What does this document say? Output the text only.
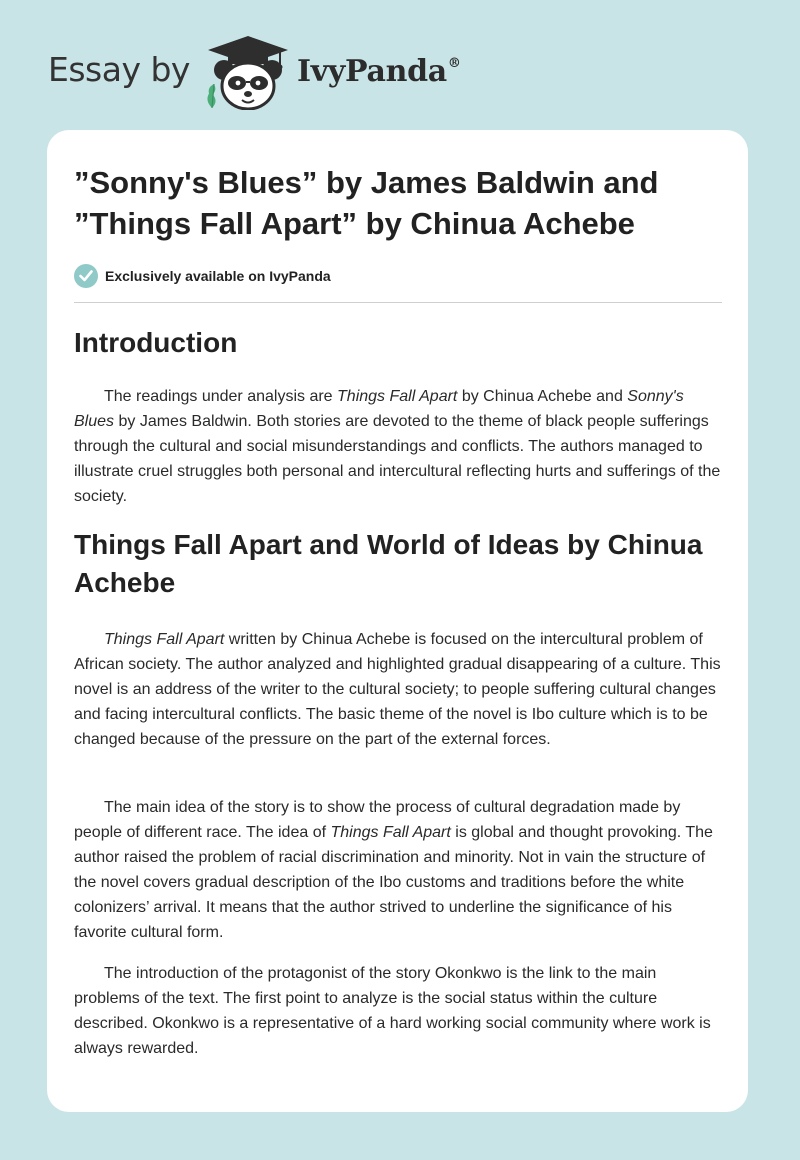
Essay by	IvyPanda®
”Sonny's Blues” by James Baldwin and ”Things Fall Apart” by Chinua Achebe
Exclusively available on IvyPanda
Introduction

The readings under analysis are Things Fall Apart by Chinua Achebe and Sonny's Blues by James Baldwin. Both stories are devoted to the theme of black people sufferings through the cultural and social misunderstandings and conflicts. The authors managed to illustrate cruel struggles both personal and intercultural reflecting hurts and sufferings of the society.

Things Fall Apart and World of Ideas by Chinua Achebe

Things Fall Apart written by Chinua Achebe is focused on the intercultural problem of African society. The author analyzed and highlighted gradual disappearing of a culture. This novel is an address of the writer to the cultural society; to people suffering cultural changes and facing intercultural conflicts. The basic theme of the novel is Ibo culture which is to be changed because of the pressure on the part of the external forces.

The main idea of the story is to show the process of cultural degradation made by people of different race. The idea of Things Fall Apart is global and thought provoking. The author raised the problem of racial discrimination and minority. Not in vain the structure of the novel covers gradual description of the Ibo customs and traditions before the white colonizers’ arrival. It means that the author strived to underline the significance of his favorite cultural form.

The introduction of the protagonist of the story Okonkwo is the link to the main problems of the text. The first point to analyze is the social status within the culture described. Okonkwo is a representative of a hard working social community where work is always rewarded.
